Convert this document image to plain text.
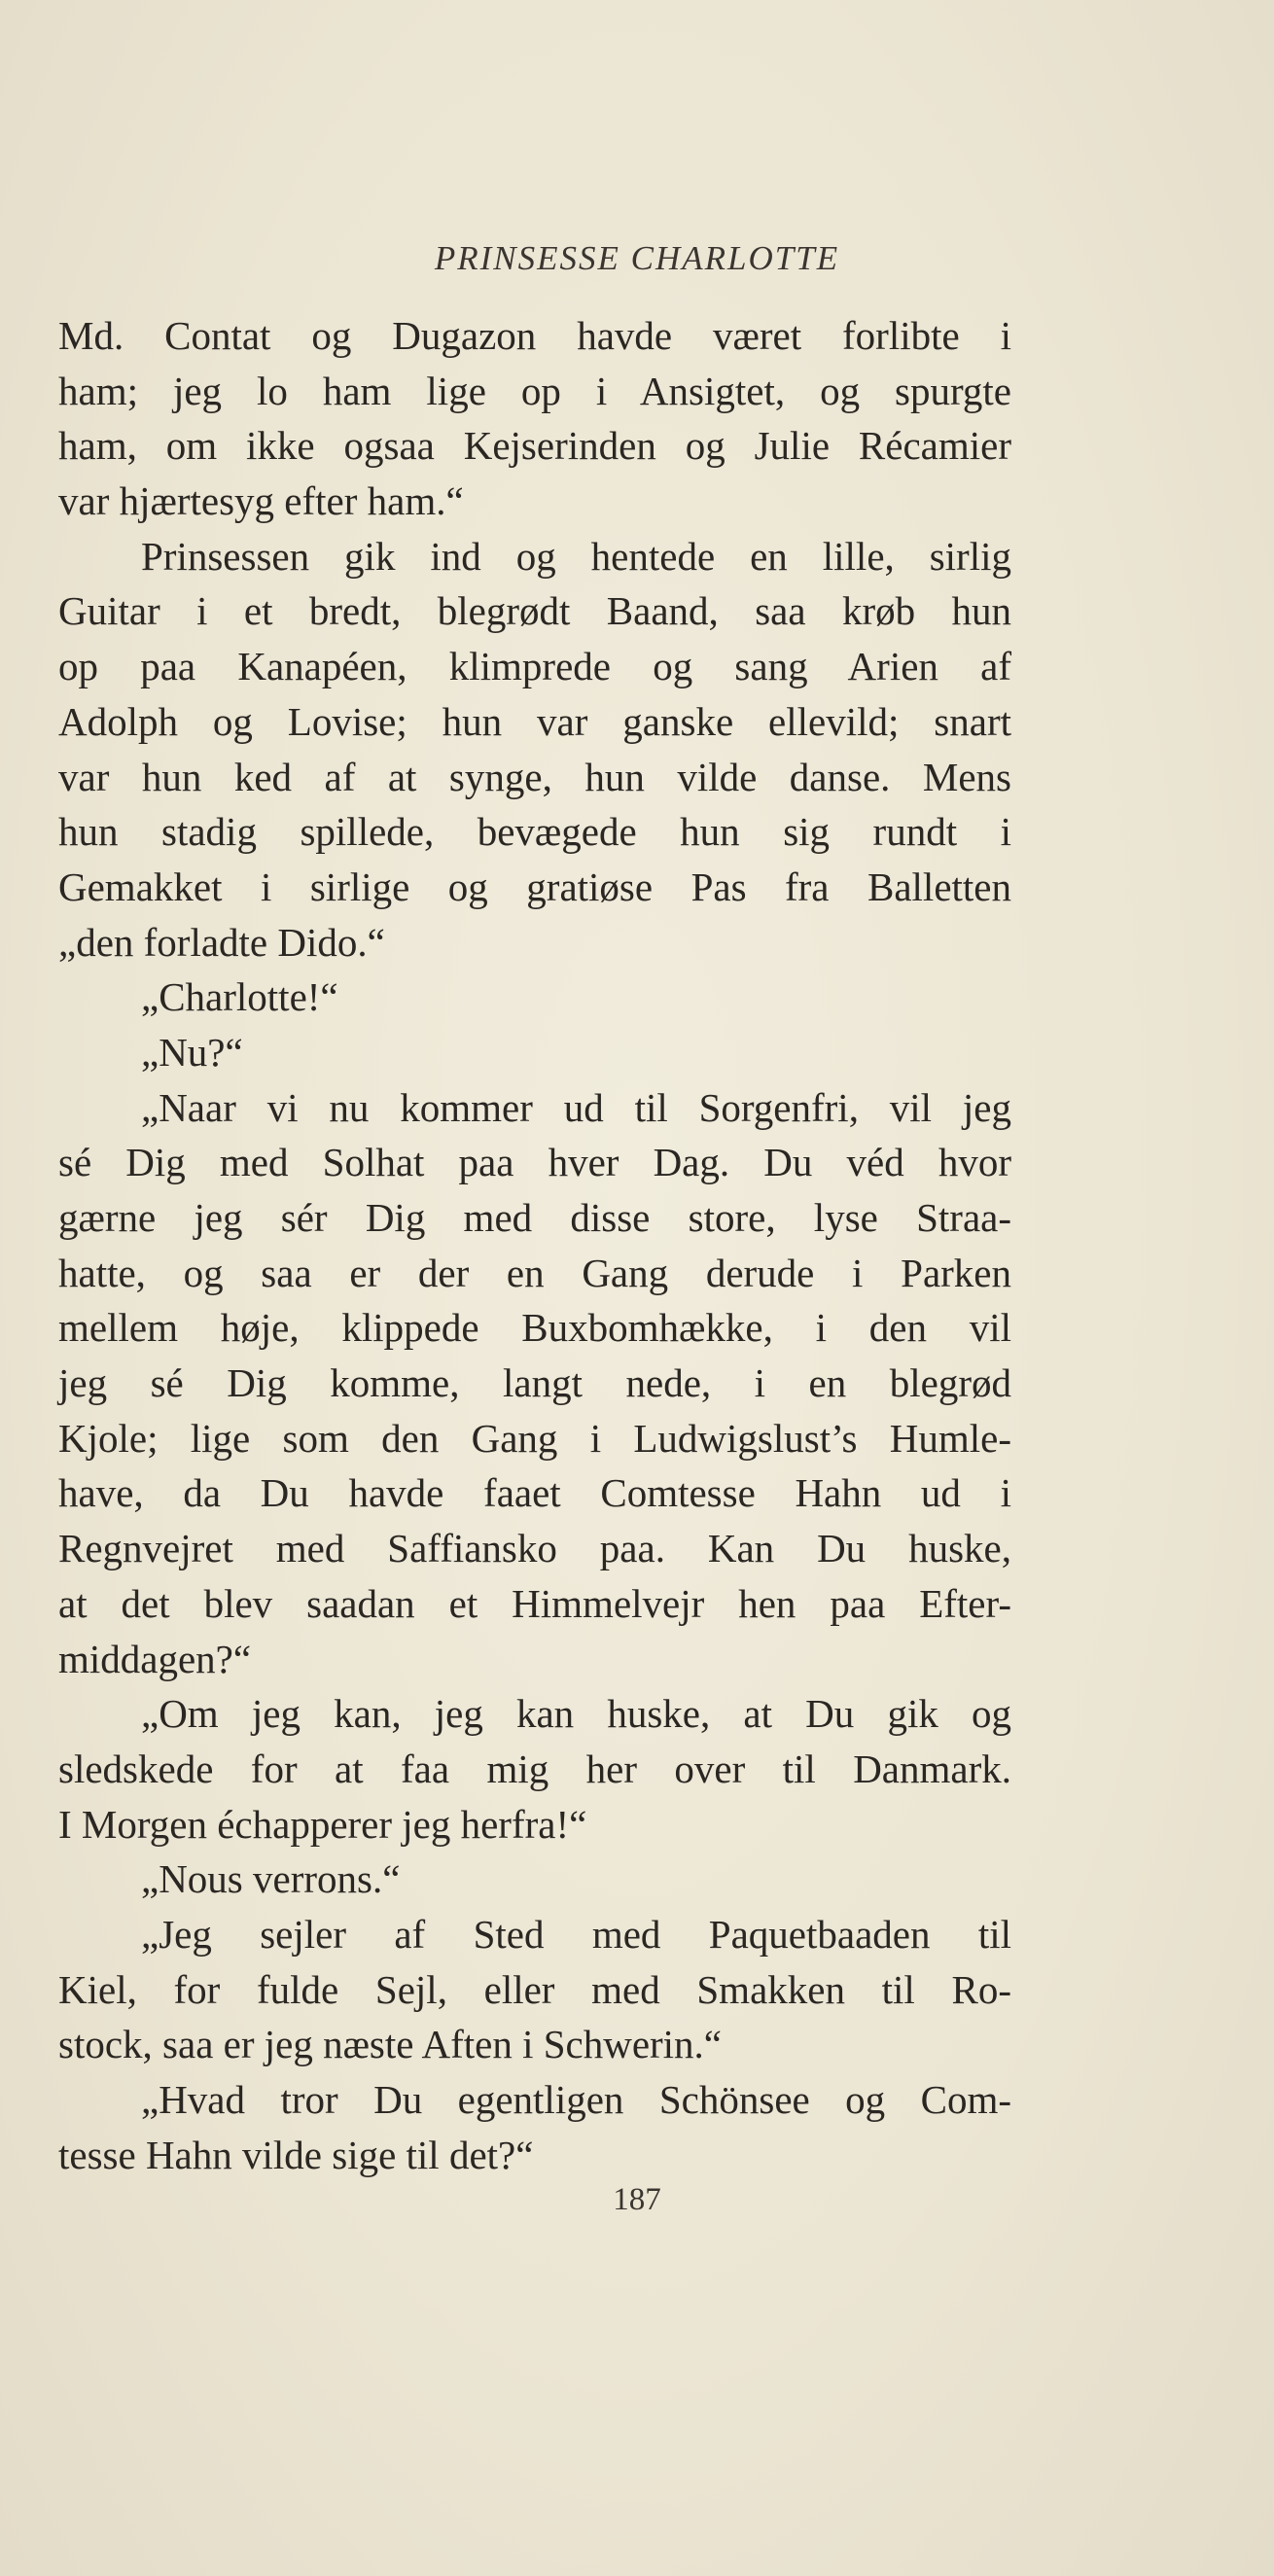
PRINSESSE CHARLOTTE
Md. Contat og Dugazon havde været forlibte i
ham; jeg lo ham lige op i Ansigtet, og spurgte
ham, om ikke ogsaa Kejserinden og Julie Récamier
var hjærtesyg efter ham.“
Prinsessen gik ind og hentede en lille, sirlig
Guitar i et bredt, blegrødt Baand, saa krøb hun
op paa Kanapéen, klimprede og sang Arien af
Adolph og Lovise; hun var ganske ellevild; snart
var hun ked af at synge, hun vilde danse. Mens
hun stadig spillede, bevægede hun sig rundt i
Gemakket i sirlige og gratiøse Pas fra Balletten
„den forladte Dido.“
„Charlotte!“
„Nu?“
„Naar vi nu kommer ud til Sorgenfri, vil jeg
sé Dig med Solhat paa hver Dag. Du véd hvor
gærne jeg sér Dig med disse store, lyse Straa-
hatte, og saa er der en Gang derude i Parken
mellem høje, klippede Buxbomhække, i den vil
jeg sé Dig komme, langt nede, i en blegrød
Kjole; lige som den Gang i Ludwigslust’s Humle-
have, da Du havde faaet Comtesse Hahn ud i
Regnvejret med Saffiansko paa. Kan Du huske,
at det blev saadan et Himmelvejr hen paa Efter-
middagen?“
„Om jeg kan, jeg kan huske, at Du gik og
sledskede for at faa mig her over til Danmark.
I Morgen échapperer jeg herfra!“
„Nous verrons.“
„Jeg sejler af Sted med Paquetbaaden til
Kiel, for fulde Sejl, eller med Smakken til Ro-
stock, saa er jeg næste Aften i Schwerin.“
„Hvad tror Du egentligen Schönsee og Com-
tesse Hahn vilde sige til det?“
187
